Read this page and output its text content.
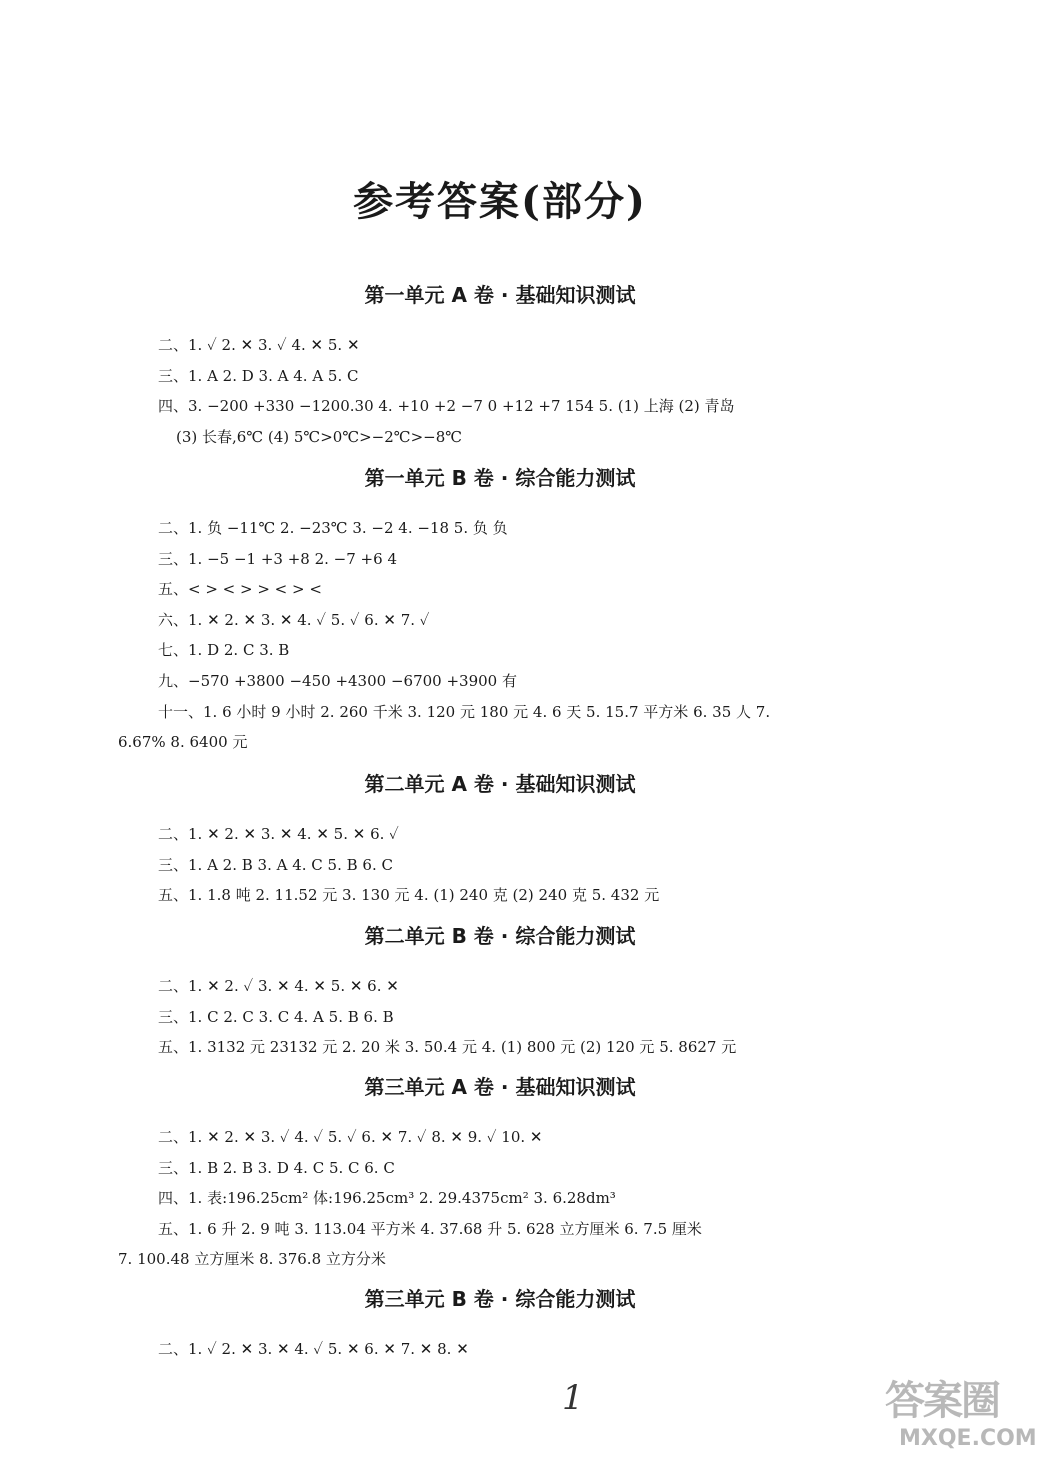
参考答案(部分)
第一单元 A 卷 · 基础知识测试
二、1. ✓ 2. ✕ 3. ✓ 4. ✕ 5. ✕
三、1. A 2. D 3. A 4. A 5. C
四、3. −200 +330 −1200.30 4. +10 +2 −7 0 +12 +7 154 5. (1) 上海 (2) 青岛
(3) 长春,6℃ (4) 5℃>0℃>−2℃>−8℃
第一单元 B 卷 · 综合能力测试
二、1. 负 −11℃ 2. −23℃ 3. −2 4. −18 5. 负 负
三、1. −5 −1 +3 +8 2. −7 +6 4
五、< > < > > < > <
六、1. ✕ 2. ✕ 3. ✕ 4. ✓ 5. ✓ 6. ✕ 7. ✓
七、1. D 2. C 3. B
九、−570 +3800 −450 +4300 −6700 +3900 有
十一、1. 6 小时 9 小时 2. 260 千米 3. 120 元 180 元 4. 6 天 5. 15.7 平方米 6. 35 人 7.
6.67% 8. 6400 元
第二单元 A 卷 · 基础知识测试
二、1. ✕ 2. ✕ 3. ✕ 4. ✕ 5. ✕ 6. ✓
三、1. A 2. B 3. A 4. C 5. B 6. C
五、1. 1.8 吨 2. 11.52 元 3. 130 元 4. (1) 240 克 (2) 240 克 5. 432 元
第二单元 B 卷 · 综合能力测试
二、1. ✕ 2. ✓ 3. ✕ 4. ✕ 5. ✕ 6. ✕
三、1. C 2. C 3. C 4. A 5. B 6. B
五、1. 3132 元 23132 元 2. 20 米 3. 50.4 元 4. (1) 800 元 (2) 120 元 5. 8627 元
第三单元 A 卷 · 基础知识测试
二、1. ✕ 2. ✕ 3. ✓ 4. ✓ 5. ✓ 6. ✕ 7. ✓ 8. ✕ 9. ✓ 10. ✕
三、1. B 2. B 3. D 4. C 5. C 6. C
四、1. 表:196.25cm² 体:196.25cm³ 2. 29.4375cm² 3. 6.28dm³
五、1. 6 升 2. 9 吨 3. 113.04 平方米 4. 37.68 升 5. 628 立方厘米 6. 7.5 厘米
7. 100.48 立方厘米 8. 376.8 立方分米
第三单元 B 卷 · 综合能力测试
二、1. ✓ 2. ✕ 3. ✕ 4. ✓ 5. ✕ 6. ✕ 7. ✕ 8. ✕
1	答案圈
MXQE.COM
